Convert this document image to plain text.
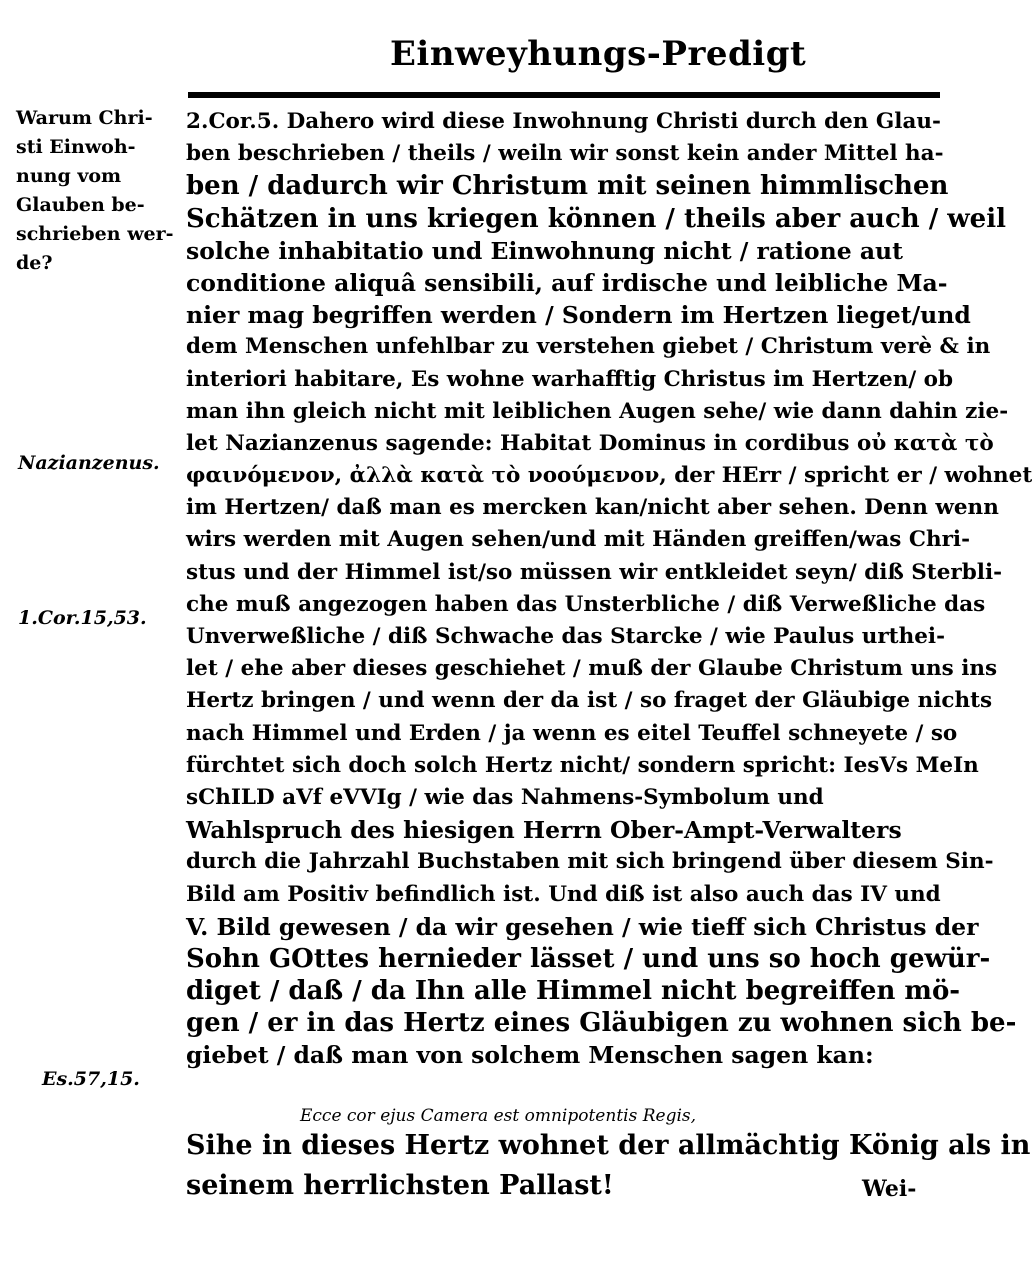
Einweyhungs-Predigt
Warum Chri-
sti Einwoh-
nung vom
Glauben be-
schrieben wer-
de?
Nazianzenus.
1.Cor.15,53.
Es.57,15.
2.Cor.5. Dahero wird diese Inwohnung Christi durch den Glau-
ben beschrieben / theils / weiln wir sonst kein ander Mittel ha-
ben / dadurch wir Christum mit seinen himmlischen
Schätzen in uns kriegen können / theils aber auch / weil
solche inhabitatio und Einwohnung nicht / ratione aut
conditione aliquâ sensibili, auf irdische und leibliche Ma-
nier mag begriffen werden / Sondern im Hertzen lieget/und
dem Menschen unfehlbar zu verstehen giebet / Christum verè & in
interiori habitare, Es wohne warhafftig Christus im Hertzen/ ob
man ihn gleich nicht mit leiblichen Augen sehe/ wie dann dahin zie-
let Nazianzenus sagende: Habitat Dominus in cordibus οὐ κατὰ τὸ
φαινόμενον, ἀλλὰ κατὰ τὸ νοούμενον, der HErr / spricht er / wohnet
im Hertzen/ daß man es mercken kan/nicht aber sehen. Denn wenn
wirs werden mit Augen sehen/und mit Händen greiffen/was Chri-
stus und der Himmel ist/so müssen wir entkleidet seyn/ diß Sterbli-
che muß angezogen haben das Unsterbliche / diß Verweßliche das
Unverweßliche / diß Schwache das Starcke / wie Paulus urthei-
let / ehe aber dieses geschiehet / muß der Glaube Christum uns ins
Hertz bringen / und wenn der da ist / so fraget der Gläubige nichts
nach Himmel und Erden / ja wenn es eitel Teuffel schneyete / so
fürchtet sich doch solch Hertz nicht/ sondern spricht: IesVs MeIn
sChILD aVf eVVIg / wie das Nahmens-Symbolum und
Wahlspruch des hiesigen Herrn Ober-Ampt-Verwalters
durch die Jahrzahl Buchstaben mit sich bringend über diesem Sin-
Bild am Positiv befindlich ist. Und diß ist also auch das IV und
V. Bild gewesen / da wir gesehen / wie tieff sich Christus der
Sohn GOttes hernieder lässet / und uns so hoch gewür-
diget / daß / da Ihn alle Himmel nicht begreiffen mö-
gen / er in das Hertz eines Gläubigen zu wohnen sich be-
giebet / daß man von solchem Menschen sagen kan:
Ecce cor ejus Camera est omnipotentis Regis,
Sihe in dieses Hertz wohnet der allmächtig König als in
seinem herrlichsten Pallast!	Wei-
